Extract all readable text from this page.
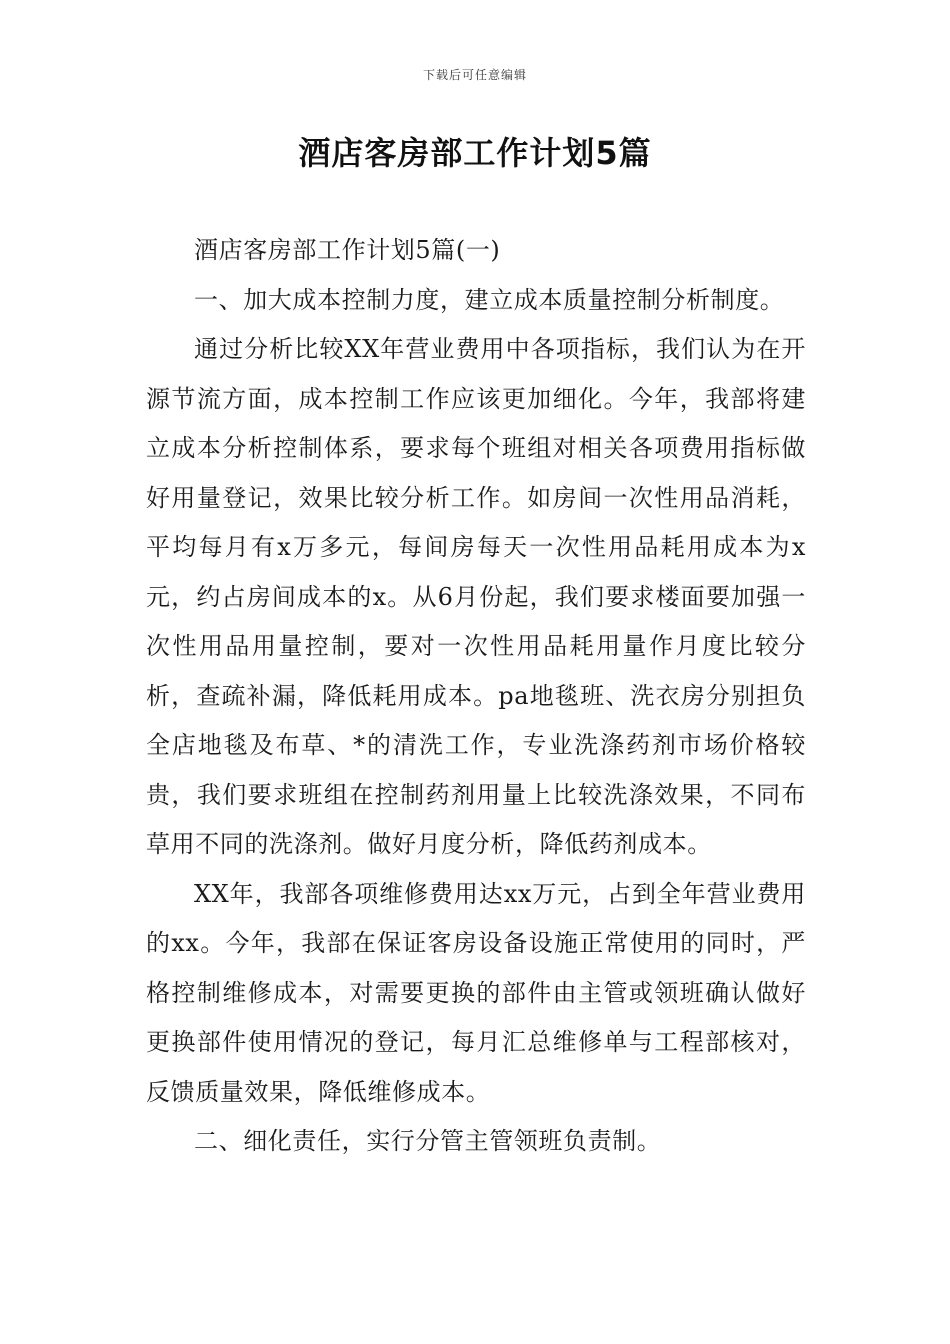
下载后可任意编辑
酒店客房部工作计划5篇

酒店客房部工作计划5篇(一)

一、加大成本控制力度，建立成本质量控制分析制度。

通过分析比较XX年营业费用中各项指标，我们认为在开源节流方面，成本控制工作应该更加细化。今年，我部将建立成本分析控制体系，要求每个班组对相关各项费用指标做好用量登记，效果比较分析工作。如房间一次性用品消耗，平均每月有x万多元，每间房每天一次性用品耗用成本为x元，约占房间成本的x。从6月份起，我们要求楼面要加强一次性用品用量控制，要对一次性用品耗用量作月度比较分析，查疏补漏，降低耗用成本。pa地毯班、洗衣房分别担负全店地毯及布草、*的清洗工作，专业洗涤药剂市场价格较贵，我们要求班组在控制药剂用量上比较洗涤效果，不同布草用不同的洗涤剂。做好月度分析，降低药剂成本。

XX年，我部各项维修费用达xx万元，占到全年营业费用的xx。今年，我部在保证客房设备设施正常使用的同时，严格控制维修成本，对需要更换的部件由主管或领班确认做好更换部件使用情况的登记，每月汇总维修单与工程部核对，反馈质量效果，降低维修成本。

二、细化责任，实行分管主管领班负责制。
